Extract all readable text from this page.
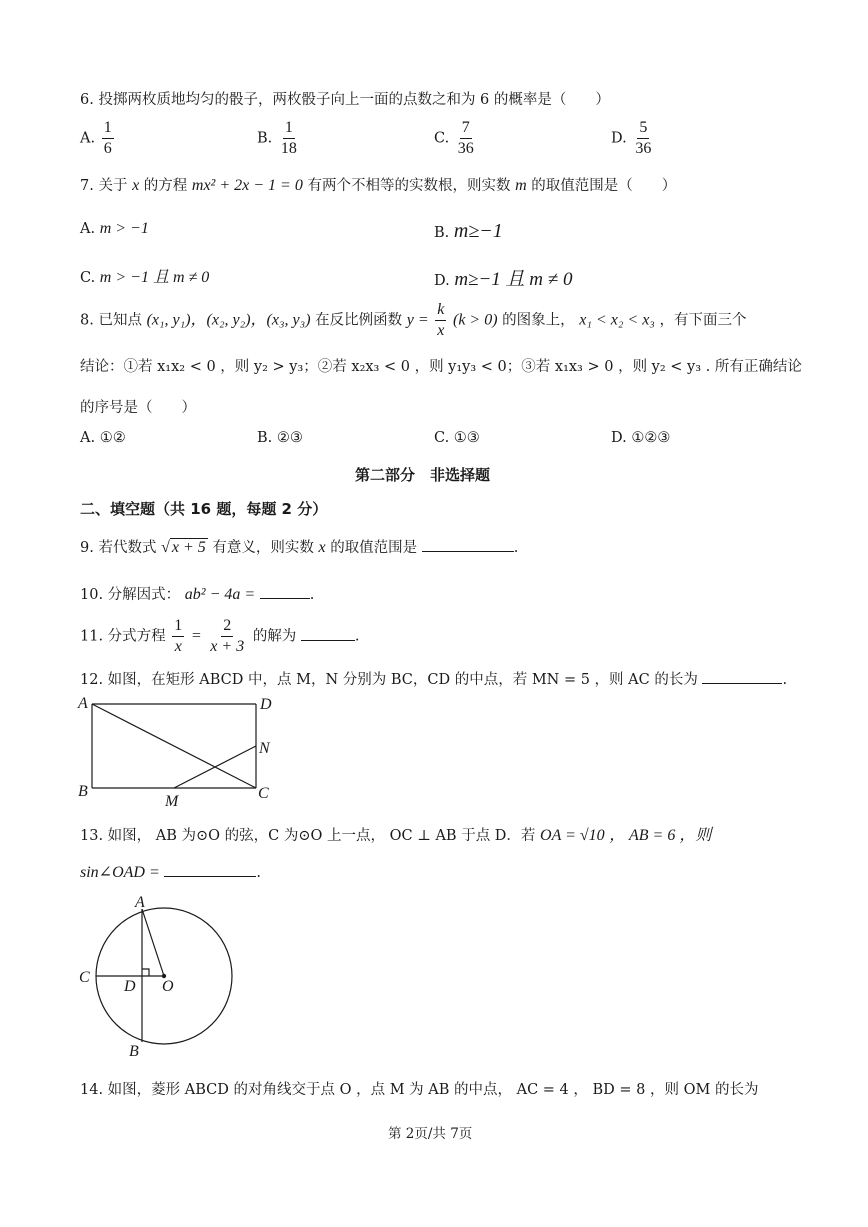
6. 投掷两枚质地均匀的骰子，两枚骰子向上一面的点数之和为 6 的概率是（　　）
A. $\frac{1}{6}$	B. $\frac{1}{18}$	C. $\frac{7}{36}$	D. $\frac{5}{36}$
7. 关于 x 的方程 mx² + 2x − 1 = 0 有两个不相等的实数根，则实数 m 的取值范围是（　　）
A. m > −1	B. m≥−1
C. m > −1 且 m ≠ 0	D. m≥−1 且 m ≠ 0
8. 已知点 (x₁, y₁)，(x₂, y₂)，(x₃, y₃) 在反比例函数 $y = \frac{k}{x} (k > 0)$ 的图象上， x₁ < x₂ < x₃ ，有下面三个
结论：①若 x₁x₂ < 0 ，则 y₂ > y₃；②若 x₂x₃ < 0 ，则 y₁y₃ < 0；③若 x₁x₃ > 0 ，则 y₂ < y₃ . 所有正确结论
的序号是（　　）
A. ①②	B. ②③	C. ①③	D. ①②③
第二部分　非选择题
二、填空题（共 16 题，每题 2 分）
9. 若代数式 √ x + 5 有意义，则实数 x 的取值范围是	.
10. 分解因式： ab² − 4a =	.
11. 分式方程 $\frac{1}{x} = \frac{2}{x + 3}$ 的解为	.
12. 如图，在矩形 ABCD 中，点 M，N 分别为 BC，CD 的中点，若 MN = 5 ，则 AC 的长为	.
A	D
N
B	C
M
13. 如图， AB 为⊙O 的弦，C 为⊙O 上一点， OC ⊥ AB 于点 D．若 OA = √10 ， AB = 6 ，则
sin∠OAD =	.
A
C
D O
B
14. 如图，菱形 ABCD 的对角线交于点 O ，点 M 为 AB 的中点， AC = 4 ， BD = 8 ，则 OM 的长为
第 2页/共 7页
